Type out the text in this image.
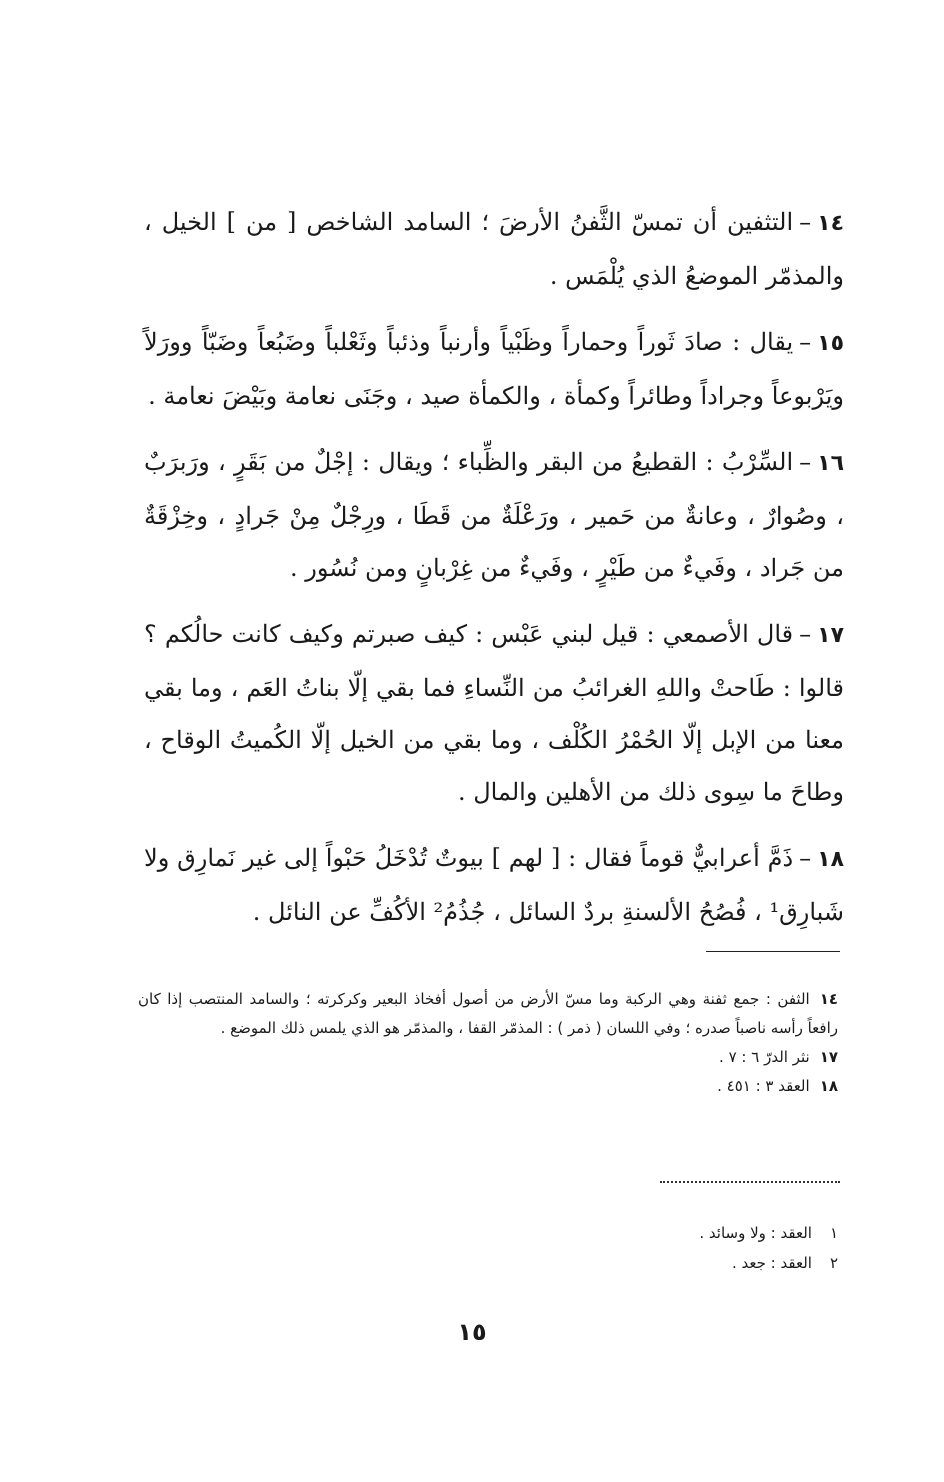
١٤–التثفين أن تمسّ الثَّفنُ الأرضَ ؛ السامد الشاخص [ من ] الخيل ، والمذمّر الموضعُ الذي يُلْمَس .

١٥–يقال : صادَ ثَوراً وحماراً وظَبْياً وأرنباً وذئباً وثَعْلباً وضَبُعاً وضَبّاً وورَلاً ويَرْبوعاً وجراداً وطائراً وكمأة ، والكمأة صيد ، وجَنَى نعامة وبَيْضَ نعامة .

١٦–السِّرْبُ : القطيعُ من البقر والظِّباء ؛ ويقال : إجْلٌ من بَقَرٍ ، ورَبرَبٌ ، وصُوارٌ ، وعانةٌ من حَمير ، ورَعْلَةٌ من قَطَا ، ورِجْلٌ مِنْ جَرادٍ ، وخِزْقَةٌ من جَراد ، وفَيءٌ من طَيْرٍ ، وفَيءٌ من غِرْبانٍ ومن نُسُور .

١٧–قال الأصمعي : قيل لبني عَبْس : كيف صبرتم وكيف كانت حالُكم ؟ قالوا : طَاحتْ واللهِ الغرائبُ من النِّساءِ فما بقي إلّا بناتُ العَم ، وما بقي معنا من الإبل إلّا الحُمْرُ الكُلْف ، وما بقي من الخيل إلّا الكُميتُ الوقاح ، وطاحَ ما سِوى ذلك من الأهلين والمال .

١٨–ذَمَّ أعرابيٌّ قوماً فقال : [ لهم ] بيوتٌ تُدْخَلُ حَبْواً إلى غير نَمارِق ولا شَبارِق¹ ، فُصُحُ الألسنةِ بردٌ السائل ، جُذُمُ² الأكُفِّ عن النائل .

١٤الثفن : جمع ثفنة وهي الركبة وما مسّ الأرض من أصول أفخاذ البعير وكركرته ؛ والسامد المنتصب إذا كان رافعاً رأسه ناصباً صدره ؛ وفي اللسان ( ذمر ) : المذمّر القفا ، والمذمّر هو الذي يلمس ذلك الموضع .

١٧نثر الدرّ ٦ : ٧ .

١٨العقد ٣ : ٤٥١ .

١العقد : ولا وسائد .

٢العقد : جعد .

١٥
